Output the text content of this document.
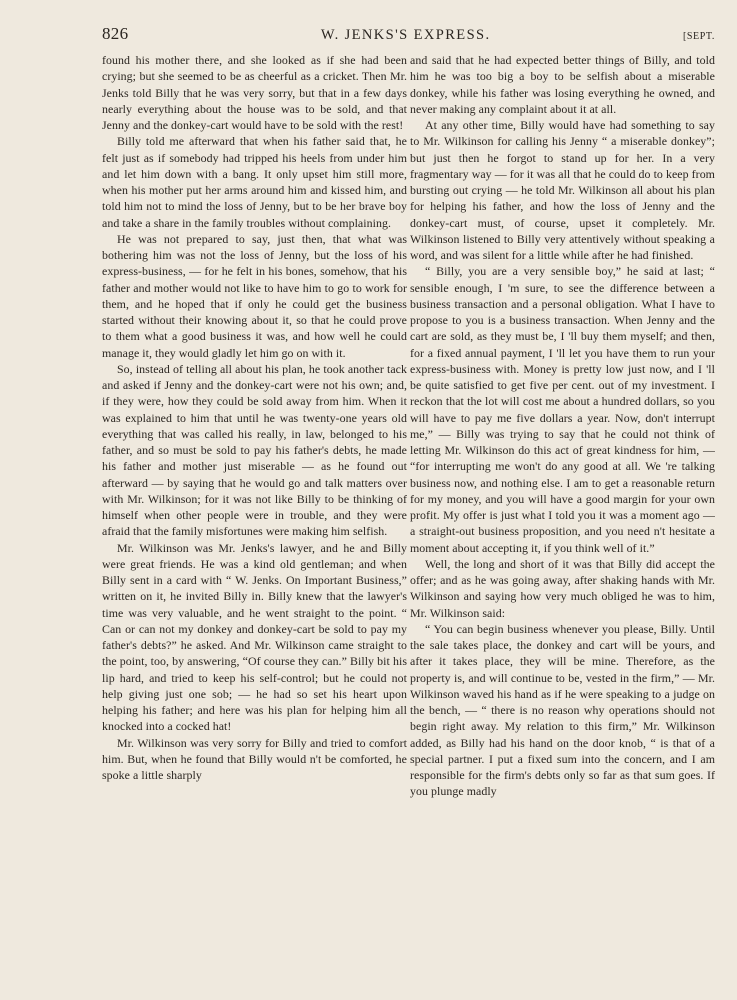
826	W. JENKS'S EXPRESS.	[SEPT.

found his mother there, and she looked as if she had been crying; but she seemed to be as cheerful as a cricket. Then Mr. Jenks told Billy that he was very sorry, but that in a few days nearly everything about the house was to be sold, and that Jenny and the donkey-cart would have to be sold with the rest!

Billy told me afterward that when his father said that, he felt just as if somebody had tripped his heels from under him and let him down with a bang. It only upset him still more, when his mother put her arms around him and kissed him, and told him not to mind the loss of Jenny, but to be her brave boy and take a share in the family troubles without complaining.

He was not prepared to say, just then, that what was bothering him was not the loss of Jenny, but the loss of his express-business, — for he felt in his bones, somehow, that his father and mother would not like to have him to go to work for them, and he hoped that if only he could get the business started without their knowing about it, so that he could prove to them what a good business it was, and how well he could manage it, they would gladly let him go on with it.

So, instead of telling all about his plan, he took another tack and asked if Jenny and the donkey-cart were not his own; and, if they were, how they could be sold away from him. When it was explained to him that until he was twenty-one years old everything that was called his really, in law, belonged to his father, and so must be sold to pay his father's debts, he made his father and mother just miserable — as he found out afterward — by saying that he would go and talk matters over with Mr. Wilkinson; for it was not like Billy to be thinking of himself when other people were in trouble, and they were afraid that the family misfortunes were making him selfish.

Mr. Wilkinson was Mr. Jenks's lawyer, and he and Billy were great friends. He was a kind old gentleman; and when Billy sent in a card with “ W. Jenks. On Important Business,” written on it, he invited Billy in. Billy knew that the lawyer's time was very valuable, and he went straight to the point. “ Can or can not my donkey and donkey-cart be sold to pay my father's debts?” he asked. And Mr. Wilkinson came straight to the point, too, by answering, “Of course they can.” Billy bit his lip hard, and tried to keep his self-control; but he could not help giving just one sob; — he had so set his heart upon helping his father; and here was his plan for helping him all knocked into a cocked hat!

Mr. Wilkinson was very sorry for Billy and tried to comfort him. But, when he found that Billy would n't be comforted, he spoke a little sharply

and said that he had expected better things of Billy, and told him he was too big a boy to be selfish about a miserable donkey, while his father was losing everything he owned, and never making any complaint about it at all.

At any other time, Billy would have had something to say to Mr. Wilkinson for calling his Jenny “ a miserable donkey”; but just then he forgot to stand up for her. In a very fragmentary way — for it was all that he could do to keep from bursting out crying — he told Mr. Wilkinson all about his plan for helping his father, and how the loss of Jenny and the donkey-cart must, of course, upset it completely. Mr. Wilkinson listened to Billy very attentively without speaking a word, and was silent for a little while after he had finished.

“ Billy, you are a very sensible boy,” he said at last; “ sensible enough, I 'm sure, to see the difference between a business transaction and a personal obligation. What I have to propose to you is a business transaction. When Jenny and the cart are sold, as they must be, I 'll buy them myself; and then, for a fixed annual payment, I 'll let you have them to run your express-business with. Money is pretty low just now, and I 'll be quite satisfied to get five per cent. out of my investment. I reckon that the lot will cost me about a hundred dollars, so you will have to pay me five dollars a year. Now, don't interrupt me,” — Billy was trying to say that he could not think of letting Mr. Wilkinson do this act of great kindness for him, — “for interrupting me won't do any good at all. We 're talking business now, and nothing else. I am to get a reasonable return for my money, and you will have a good margin for your own profit. My offer is just what I told you it was a moment ago — a straight-out business proposition, and you need n't hesitate a moment about accepting it, if you think well of it.”

Well, the long and short of it was that Billy did accept the offer; and as he was going away, after shaking hands with Mr. Wilkinson and saying how very much obliged he was to him, Mr. Wilkinson said:

“ You can begin business whenever you please, Billy. Until the sale takes place, the donkey and cart will be yours, and after it takes place, they will be mine. Therefore, as the property is, and will continue to be, vested in the firm,” — Mr. Wilkinson waved his hand as if he were speaking to a judge on the bench, — “ there is no reason why operations should not begin right away. My relation to this firm,” Mr. Wilkinson added, as Billy had his hand on the door knob, “ is that of a special partner. I put a fixed sum into the concern, and I am responsible for the firm's debts only so far as that sum goes. If you plunge madly
